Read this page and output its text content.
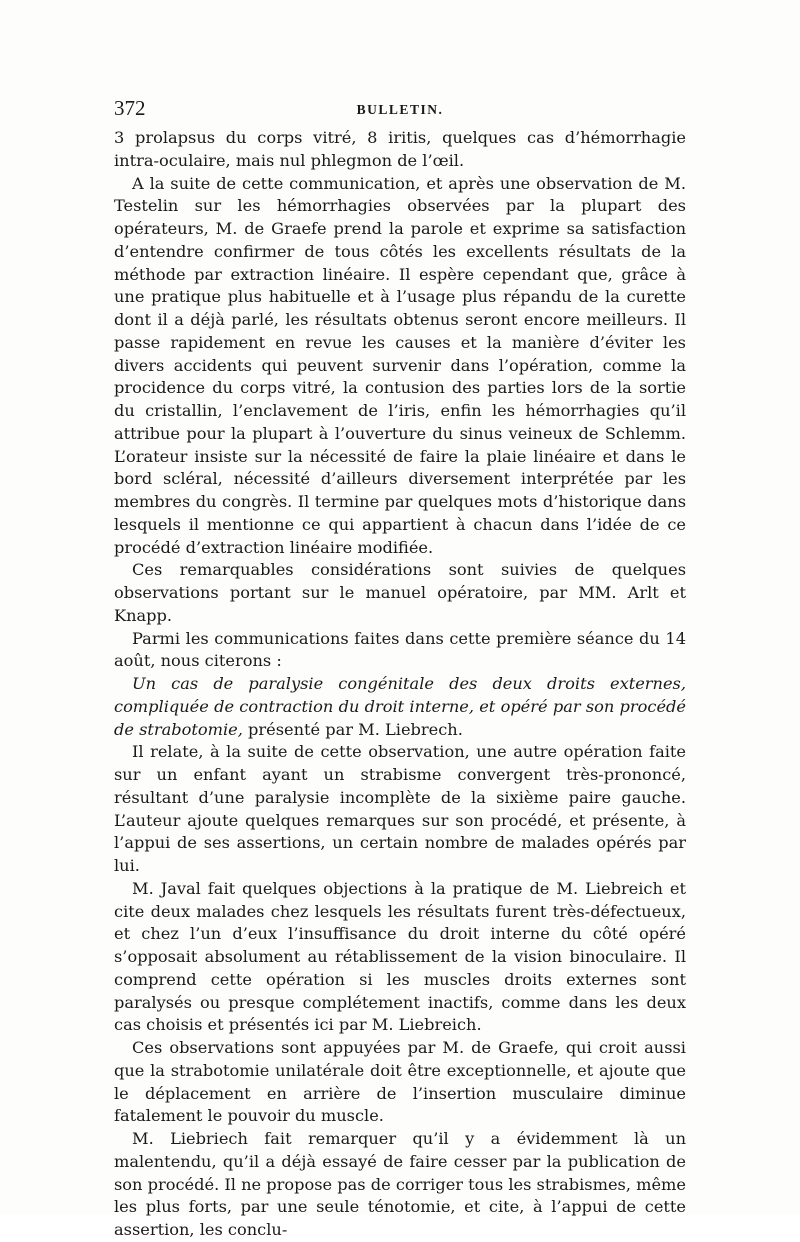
372	BULLETIN.

3 prolapsus du corps vitré, 8 iritis, quelques cas d’hémorrhagie intra-oculaire, mais nul phlegmon de l’œil.

A la suite de cette communication, et après une observation de M. Testelin sur les hémorrhagies observées par la plupart des opérateurs, M. de Graefe prend la parole et exprime sa satisfaction d’entendre confirmer de tous côtés les excellents résultats de la méthode par extraction linéaire. Il espère cependant que, grâce à une pratique plus habituelle et à l’usage plus répandu de la curette dont il a déjà parlé, les résultats obtenus seront encore meilleurs. Il passe rapidement en revue les causes et la manière d’éviter les divers accidents qui peuvent survenir dans l’opération, comme la procidence du corps vitré, la contusion des parties lors de la sortie du cristallin, l’enclavement de l’iris, enfin les hémorrhagies qu’il attribue pour la plupart à l’ouverture du sinus veineux de Schlemm. L’orateur insiste sur la nécessité de faire la plaie linéaire et dans le bord scléral, nécessité d’ailleurs diversement interprétée par les membres du congrès. Il termine par quelques mots d’historique dans lesquels il mentionne ce qui appartient à chacun dans l’idée de ce procédé d’extraction linéaire modifiée.

Ces remarquables considérations sont suivies de quelques observations portant sur le manuel opératoire, par MM. Arlt et Knapp.

Parmi les communications faites dans cette première séance du 14 août, nous citerons :

Un cas de paralysie congénitale des deux droits externes, compliquée de contraction du droit interne, et opéré par son procédé de strabotomie, présenté par M. Liebrech.

Il relate, à la suite de cette observation, une autre opération faite sur un enfant ayant un strabisme convergent très-prononcé, résultant d’une paralysie incomplète de la sixième paire gauche. L’auteur ajoute quelques remarques sur son procédé, et présente, à l’appui de ses assertions, un certain nombre de malades opérés par lui.

M. Javal fait quelques objections à la pratique de M. Liebreich et cite deux malades chez lesquels les résultats furent très-défectueux, et chez l’un d’eux l’insuffisance du droit interne du côté opéré s’opposait absolument au rétablissement de la vision binoculaire. Il comprend cette opération si les muscles droits externes sont paralysés ou presque complétement inactifs, comme dans les deux cas choisis et présentés ici par M. Liebreich.

Ces observations sont appuyées par M. de Graefe, qui croit aussi que la strabotomie unilatérale doit être exceptionnelle, et ajoute que le déplacement en arrière de l’insertion musculaire diminue fatalement le pouvoir du muscle.

M. Liebriech fait remarquer qu’il y a évidemment là un malentendu, qu’il a déjà essayé de faire cesser par la publication de son procédé. Il ne propose pas de corriger tous les strabismes, même les plus forts, par une seule ténotomie, et cite, à l’appui de cette assertion, les conclu-
